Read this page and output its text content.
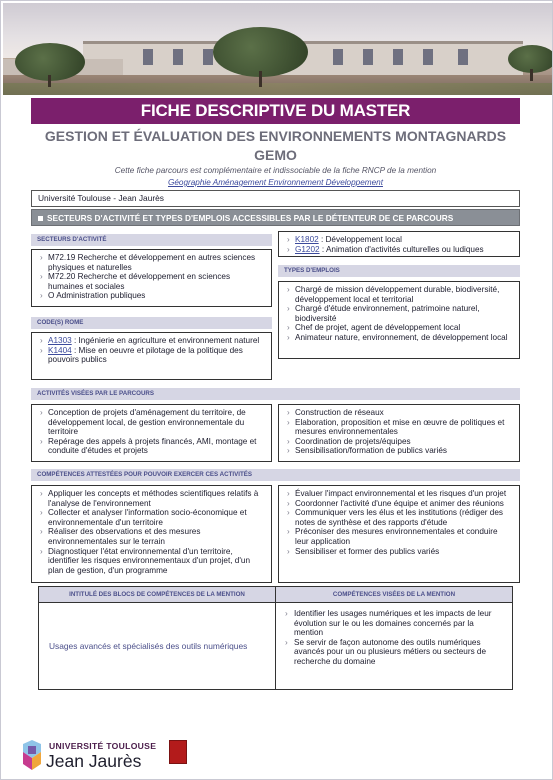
FICHE DESCRIPTIVE DU MASTER
GESTION ET ÉVALUATION DES ENVIRONNEMENTS MONTAGNARDS
GEMO
Cette fiche parcours est complémentaire et indissociable de la fiche RNCP de la mention
Géographie Aménagement Environnement Développement
Université Toulouse - Jean Jaurès
SECTEURS D'ACTIVITÉ ET TYPES D'EMPLOIS ACCESSIBLES PAR LE DÉTENTEUR DE CE PARCOURS
SECTEURS D'ACTIVITÉ
› M72.19 Recherche et développement en autres sciences physiques et naturelles
› M72.20 Recherche et développement en sciences humaines et sociales
› O Administration publiques
› K1802 : Développement local
› G1202 : Animation d'activités culturelles ou ludiques
TYPES D'EMPLOIS
› Chargé de mission développement durable, biodiversité, développement local et territorial
› Chargé d'étude environnement, patrimoine naturel, biodiversité
› Chef de projet, agent de développement local
› Animateur nature, environnement, de développement local
CODE(S) ROME
› A1303 : Ingénierie en agriculture et environnement naturel
› K1404 : Mise en oeuvre et pilotage de la politique des pouvoirs publics
ACTIVITÉS VISÉES PAR LE PARCOURS
› Conception de projets d'aménagement du territoire, de développement local, de gestion environnementale du territoire
› Repérage des appels à projets financés, AMI, montage et conduite d'études et projets
› Construction de réseaux
› Elaboration, proposition et mise en œuvre de politiques et mesures environnementales
› Coordination de projets/équipes
› Sensibilisation/formation de publics variés
COMPÉTENCES ATTESTÉES POUR POUVOIR EXERCER CES ACTIVITÉS
› Appliquer les concepts et méthodes scientifiques relatifs à l'analyse de l'environnement
› Collecter et analyser l'information socio-économique et environnementale d'un territoire
› Réaliser des observations et des mesures environnementales sur le terrain
› Diagnostiquer l'état environnemental d'un territoire, identifier les risques environnementaux d'un projet, d'un plan de gestion, d'un programme
› Évaluer l'impact environnemental et les risques d'un projet
› Coordonner l'activité d'une équipe et animer des réunions
› Communiquer vers les élus et les institutions (rédiger des notes de synthèse et des rapports d'étude
› Préconiser des mesures environnementales et conduire leur application
› Sensibiliser et former des publics variés
INTITULÉ DES BLOCS DE COMPÉTENCES DE LA MENTION	COMPÉTENCES VISÉES DE LA MENTION
Usages avancés et spécialisés des outils numériques
› Identifier les usages numériques et les impacts de leur évolution sur le ou les domaines concernés par la mention
› Se servir de façon autonome des outils numériques avancés pour un ou plusieurs métiers ou secteurs de recherche du domaine
UNIVERSITÉ TOULOUSE
Jean Jaurès
